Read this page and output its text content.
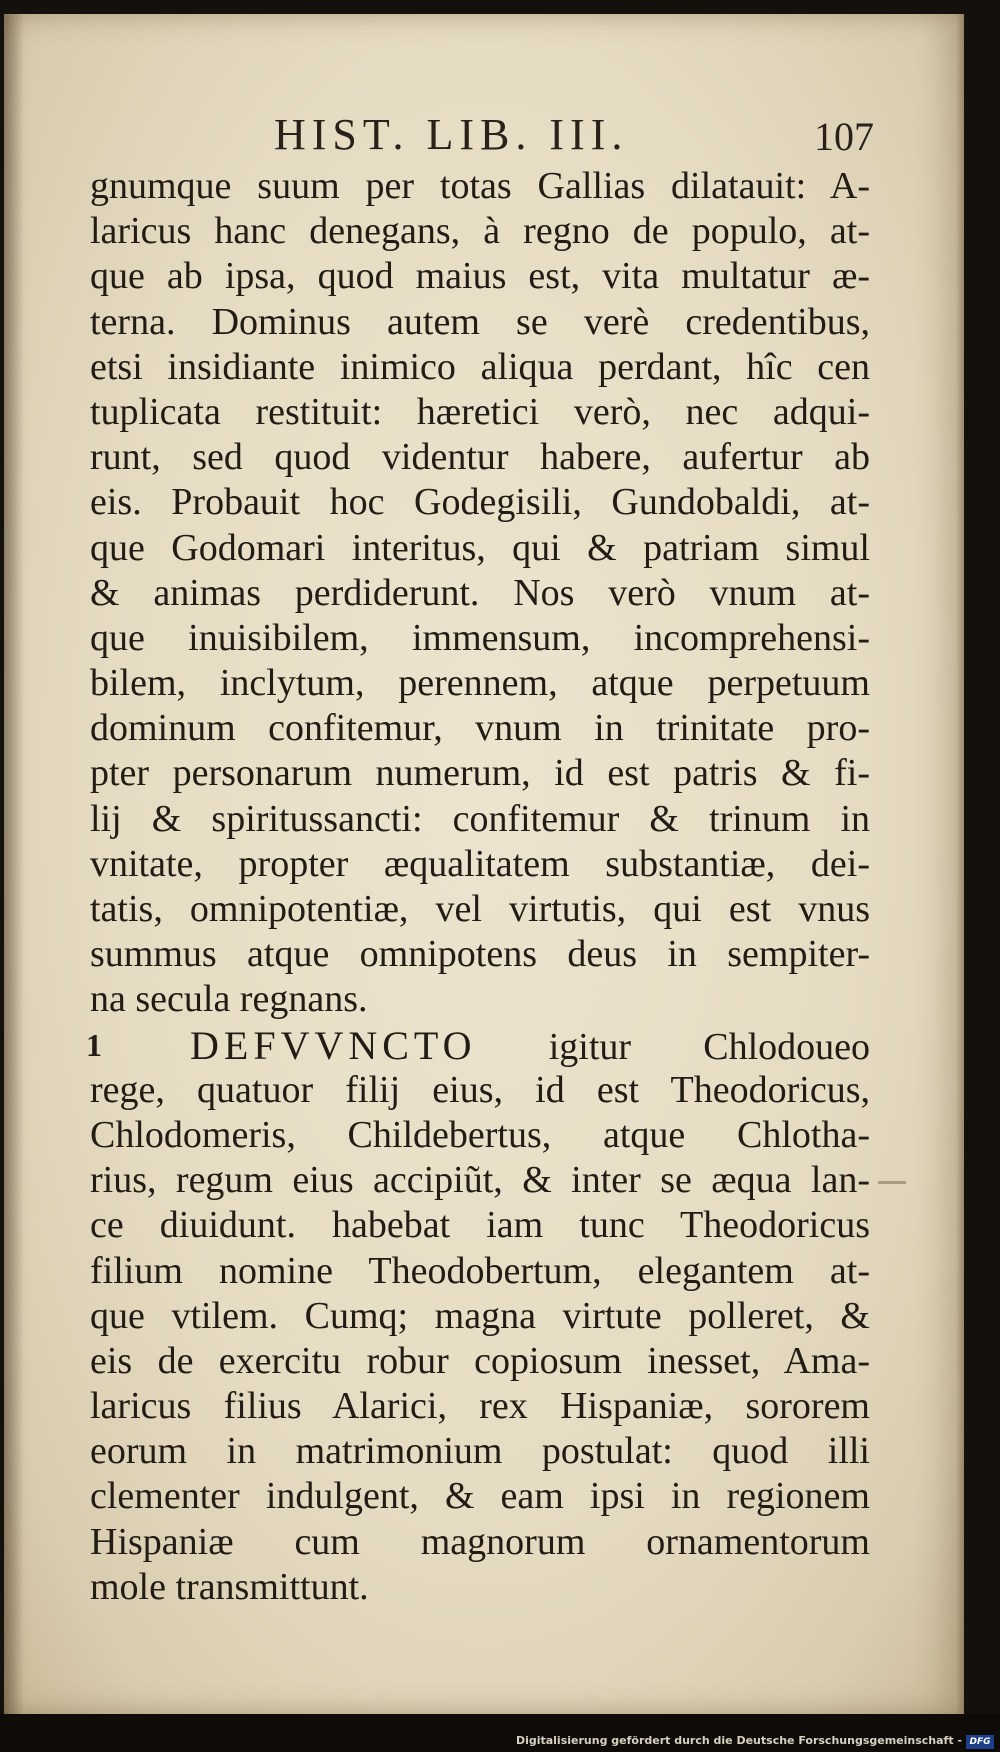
HIST. LIB. III.	107
gnumque suum per totas Gallias dilatauit: A-
laricus hanc denegans, à regno de populo, at-
que ab ipsa, quod maius est, vita multatur æ-
terna. Dominus autem se verè credentibus,
etsi insidiante inimico aliqua perdant, hîc cen
tuplicata restituit: hæretici verò, nec adqui-
runt, sed quod videntur habere, aufertur ab
eis. Probauit hoc Godegisili, Gundobaldi, at-
que Godomari interitus, qui & patriam simul
& animas perdiderunt. Nos verò vnum at-
que inuisibilem, immensum, incomprehensi-
bilem, inclytum, perennem, atque perpetuum
dominum confitemur, vnum in trinitate pro-
pter personarum numerum, id est patris & fi-
lij & spiritussancti: confitemur & trinum in
vnitate, propter æqualitatem substantiæ, dei-
tatis, omnipotentiæ, vel virtutis, qui est vnus
summus atque omnipotens deus in sempiter-
na secula regnans.
1	DEFVVNCTO igitur Chlodoueo
rege, quatuor filij eius, id est Theodoricus,
Chlodomeris, Childebertus, atque Chlotha-
rius, regum eius accipiũt, & inter se æqua lan-
ce diuidunt. habebat iam tunc Theodoricus
filium nomine Theodobertum, elegantem at-
que vtilem. Cumq; magna virtute polleret, &
eis de exercitu robur copiosum inesset, Ama-
laricus filius Alarici, rex Hispaniæ, sororem
eorum in matrimonium postulat: quod illi
clementer indulgent, & eam ipsi in regionem
Hispaniæ cum magnorum ornamentorum
mole transmittunt.
Digitalisierung gefördert durch die Deutsche Forschungsgemeinschaft - DFG
